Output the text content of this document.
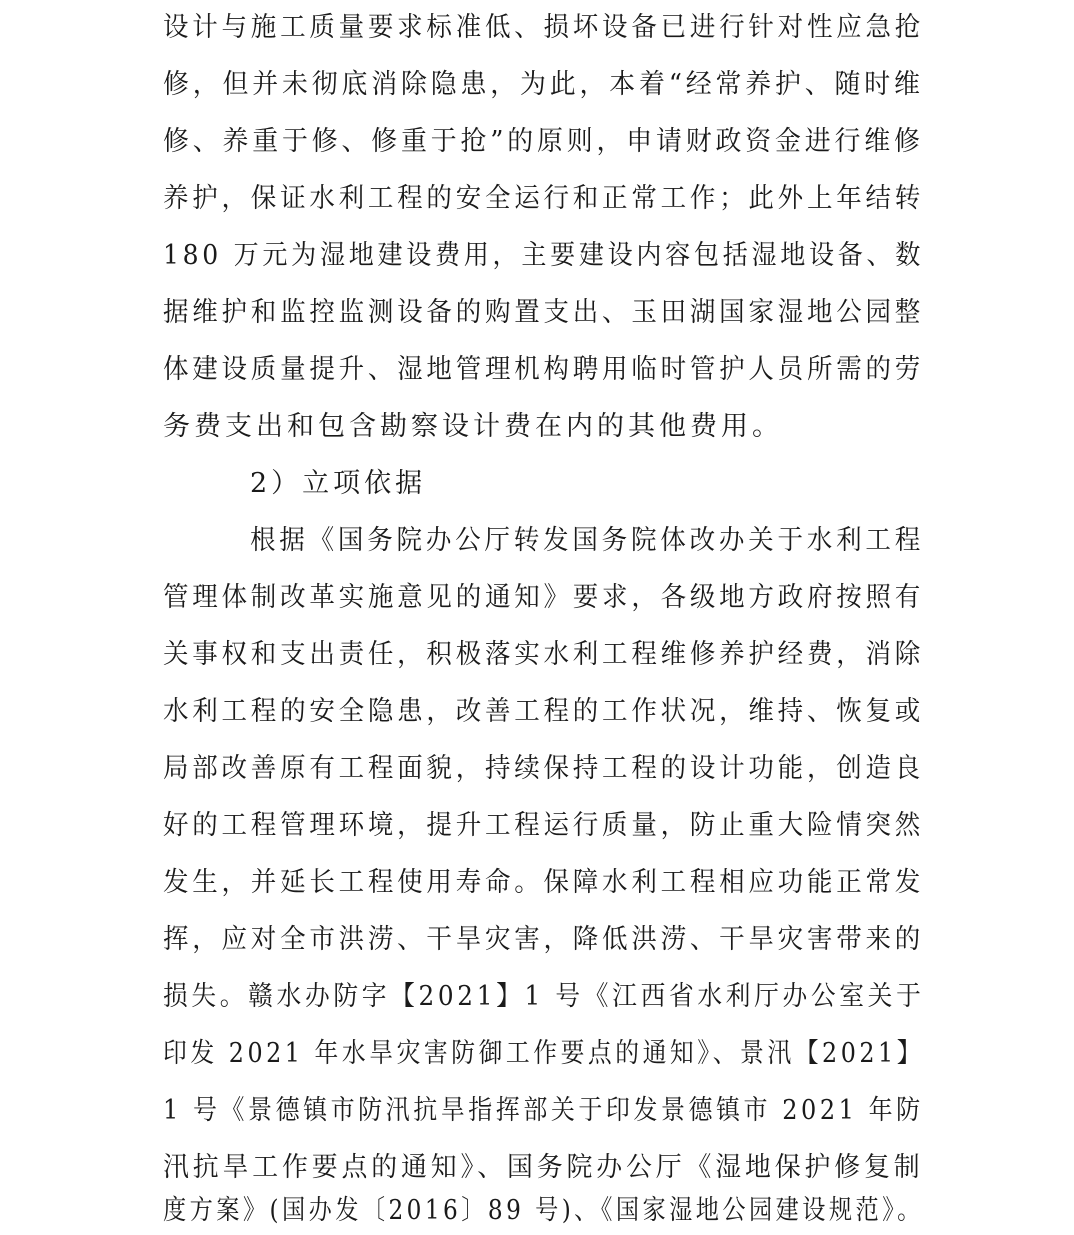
设计与施工质量要求标准低、损坏设备已进行针对性应急抢
修，但并未彻底消除隐患，为此，本着“经常养护、随时维
修、养重于修、修重于抢”的原则，申请财政资金进行维修
养护，保证水利工程的安全运行和正常工作；此外上年结转
180 万元为湿地建设费用，主要建设内容包括湿地设备、数
据维护和监控监测设备的购置支出、玉田湖国家湿地公园整
体建设质量提升、湿地管理机构聘用临时管护人员所需的劳
务费支出和包含勘察设计费在内的其他费用。
2）立项依据
根据《国务院办公厅转发国务院体改办关于水利工程
管理体制改革实施意见的通知》要求，各级地方政府按照有
关事权和支出责任，积极落实水利工程维修养护经费，消除
水利工程的安全隐患，改善工程的工作状况，维持、恢复或
局部改善原有工程面貌，持续保持工程的设计功能，创造良
好的工程管理环境，提升工程运行质量，防止重大险情突然
发生，并延长工程使用寿命。保障水利工程相应功能正常发
挥，应对全市洪涝、干旱灾害，降低洪涝、干旱灾害带来的
损失。赣水办防字【2021】1 号《江西省水利厅办公室关于
印发 2021 年水旱灾害防御工作要点的通知》、景汛【2021】
1 号《景德镇市防汛抗旱指挥部关于印发景德镇市 2021 年防
汛抗旱工作要点的通知》、国务院办公厅《湿地保护修复制
度方案》(国办发〔2016〕89 号)、《国家湿地公园建设规范》。
